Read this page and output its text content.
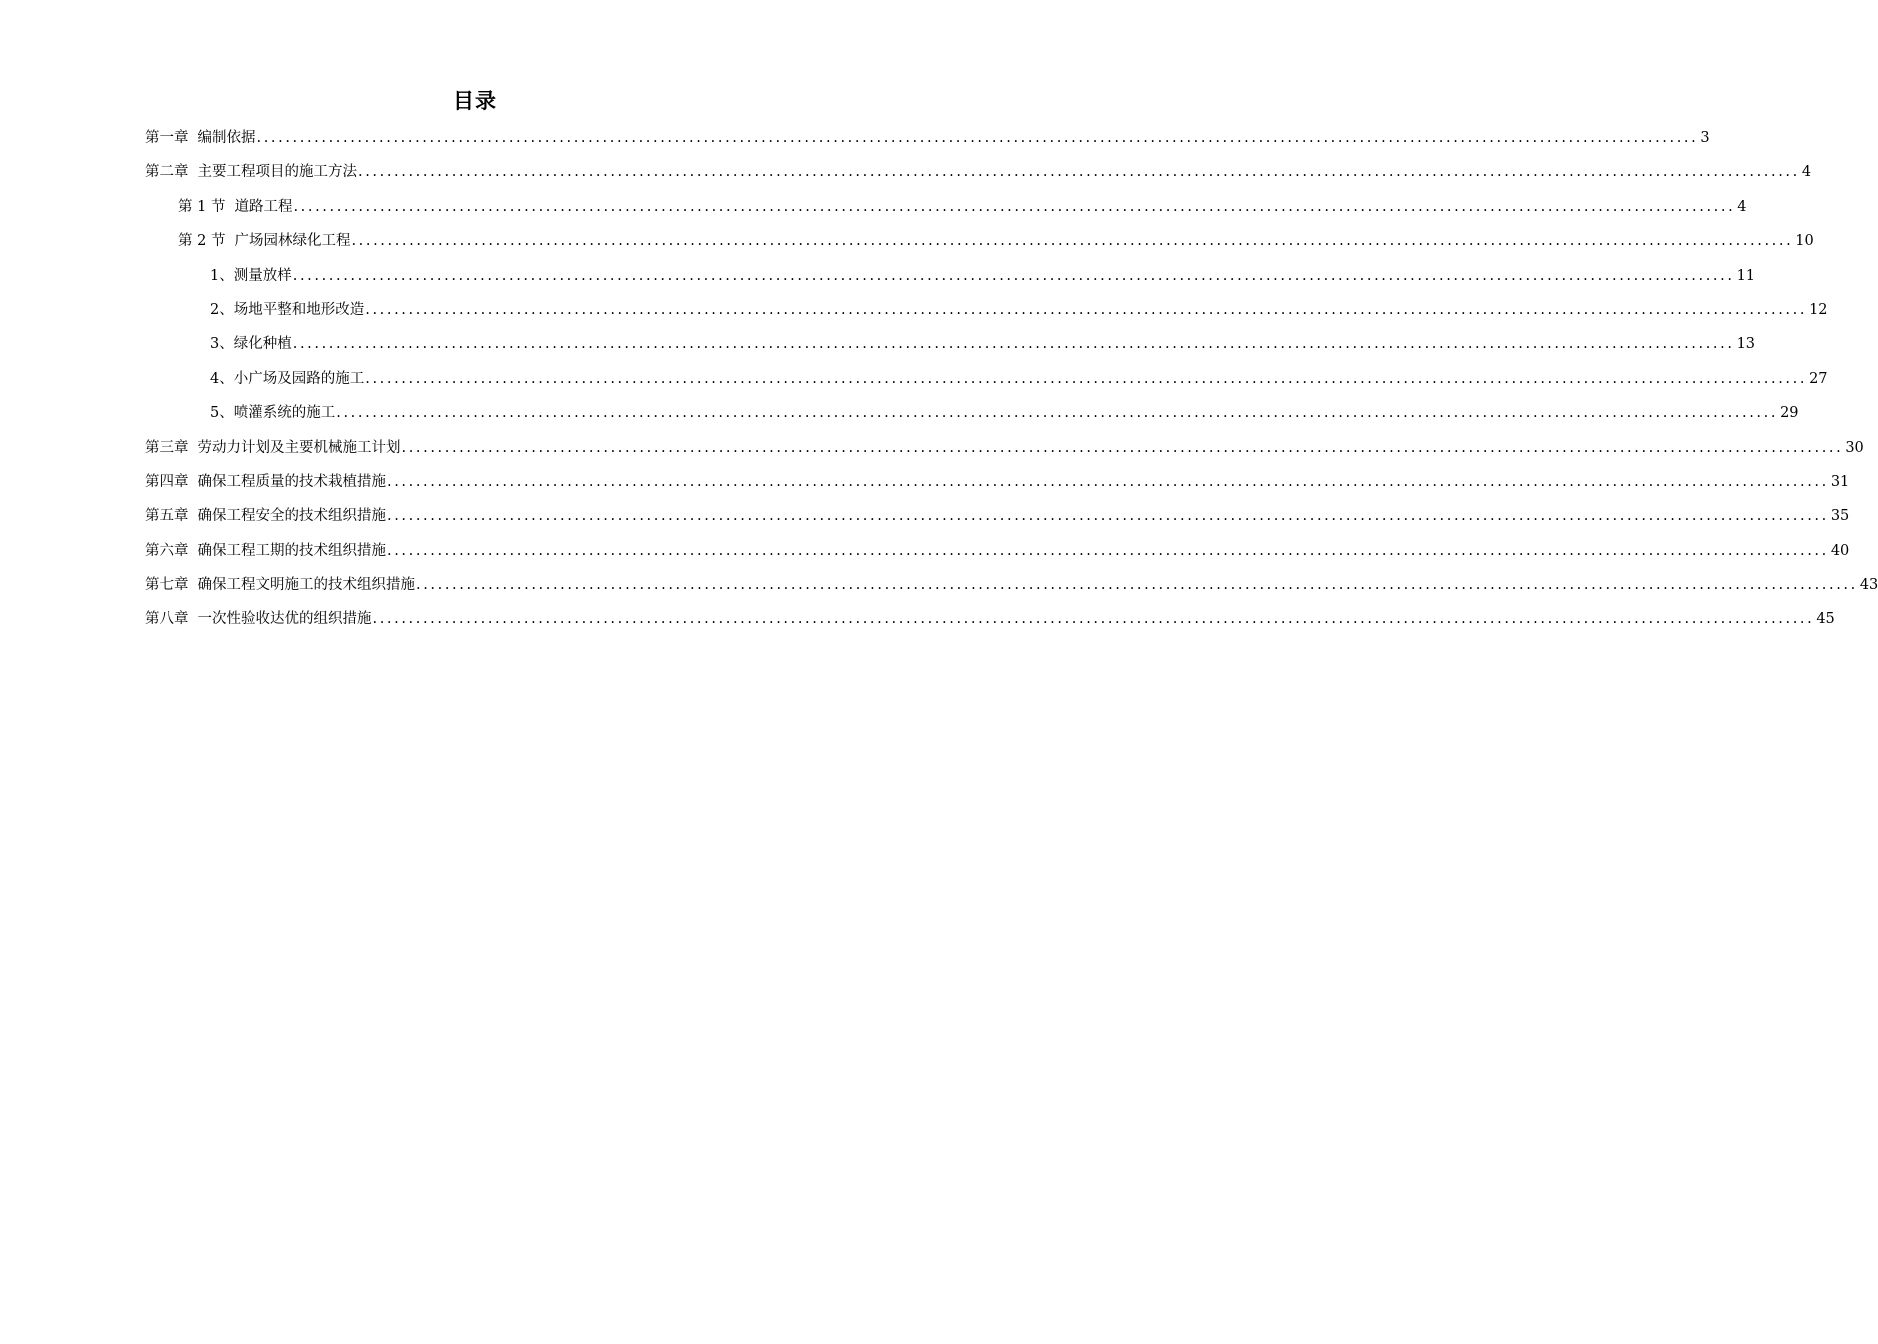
目录
第一章 编制依据 ........................................................................................................................................................................................................ 3
第二章 主要工程项目的施工方法 ........................................................................................................................................................................................................ 4
第 1 节 道路工程 ........................................................................................................................................................................................................ 4
第 2 节 广场园林绿化工程 ........................................................................................................................................................................................................ 10
1、 测量放样 ........................................................................................................................................................................................................ 11
2、 场地平整和地形改造 ........................................................................................................................................................................................................ 12
3、 绿化种植 ........................................................................................................................................................................................................ 13
4、 小广场及园路的施工 ........................................................................................................................................................................................................ 27
5、 喷灌系统的施工 ........................................................................................................................................................................................................ 29
第三章 劳动力计划及主要机械施工计划 ........................................................................................................................................................................................................ 30
第四章 确保工程质量的技术栽植措施 ........................................................................................................................................................................................................ 31
第五章 确保工程安全的技术组织措施 ........................................................................................................................................................................................................ 35
第六章 确保工程工期的技术组织措施 ........................................................................................................................................................................................................ 40
第七章 确保工程文明施工的技术组织措施 ........................................................................................................................................................................................................ 43
第八章 一次性验收达优的组织措施 ........................................................................................................................................................................................................ 45
